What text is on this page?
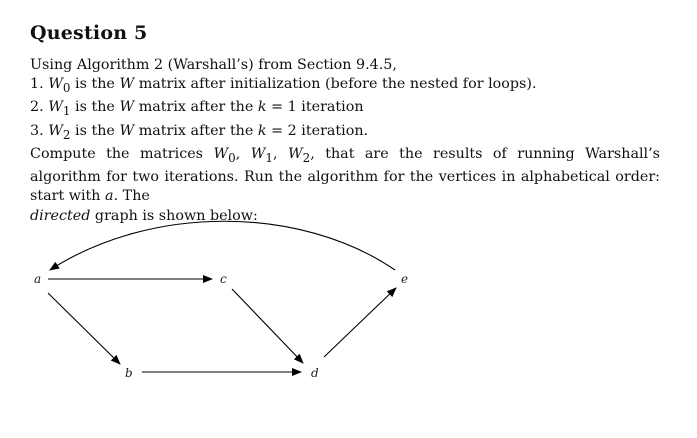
Question 5
Using Algorithm 2 (Warshall’s) from Section 9.4.5,
1. $W_0$ is the W matrix after initialization (before the nested for loops).
2. $W_1$ is the W matrix after the k = 1 iteration
3. $W_2$ is the W matrix after the k = 2 iteration.
Compute the matrices $W_0$, $W_1$, $W_2$, that are the results of running Warshall’s algorithm for two iterations. Run the algorithm for the vertices in alphabetical order: start with a. The
directed graph is shown below:
a	c	e
b	d
